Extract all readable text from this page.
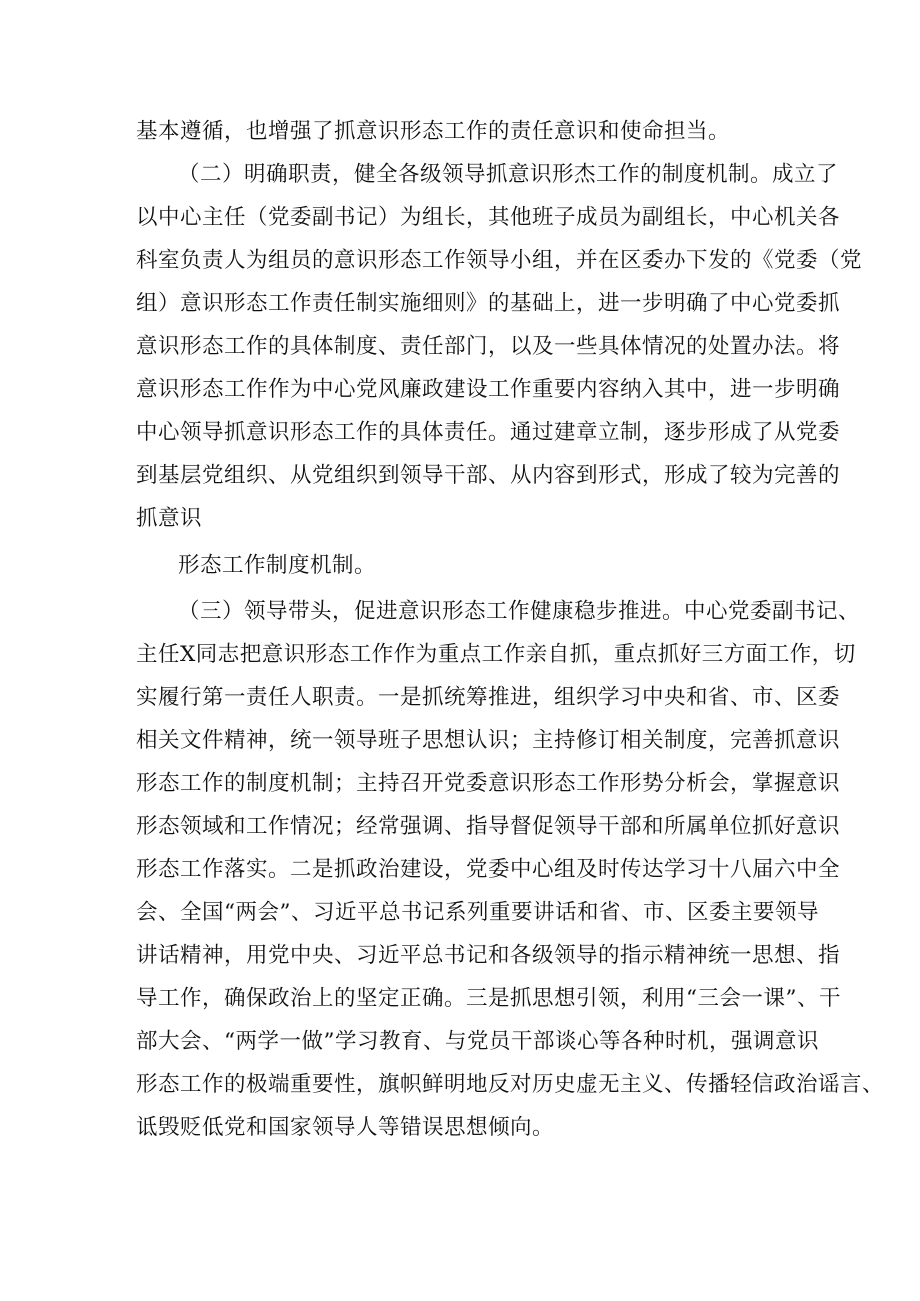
基本遵循，也增强了抓意识形态工作的责任意识和使命担当。

（二）明确职责，健全各级领导抓意识形杰工作的制度机制。成立了

以中心主任（党委副书记）为组长，其他班子成员为副组长，中心机关各

科室负责人为组员的意识形态工作领导小组，并在区委办下发的《党委（党

组）意识形态工作责任制实施细则》的基础上，进一步明确了中心党委抓

意识形态工作的具体制度、责任部门，以及一些具体情况的处置办法。将

意识形态工作作为中心党风廉政建设工作重要内容纳入其中，进一步明确

中心领导抓意识形态工作的具体责任。通过建章立制，逐步形成了从党委

到基层党组织、从党组织到领导干部、从内容到形式，形成了较为完善的

抓意识

形态工作制度机制。

（三）领导带头，促进意识形态工作健康稳步推进。中心党委副书记、

主任X同志把意识形态工作作为重点工作亲自抓，重点抓好三方面工作，切

实履行第一责任人职责。一是抓统筹推进，组织学习中央和省、市、区委

相关文件精神，统一领导班子思想认识；主持修订相关制度，完善抓意识

形态工作的制度机制；主持召开党委意识形态工作形势分析会，掌握意识

形态领域和工作情况；经常强调、指导督促领导干部和所属单位抓好意识

形态工作落实。二是抓政治建设，党委中心组及时传达学习十八届六中全

会、全国“两会”、习近平总书记系列重要讲话和省、市、区委主要领导

讲话精神，用党中央、习近平总书记和各级领导的指示精神统一思想、指

导工作，确保政治上的坚定正确。三是抓思想引领，利用“三会一课”、干

部大会、“两学一做”学习教育、与党员干部谈心等各种时机，强调意识

形态工作的极端重要性，旗帜鲜明地反对历史虚无主义、传播轻信政治谣言、

诋毁贬低党和国家领导人等错误思想倾向。
